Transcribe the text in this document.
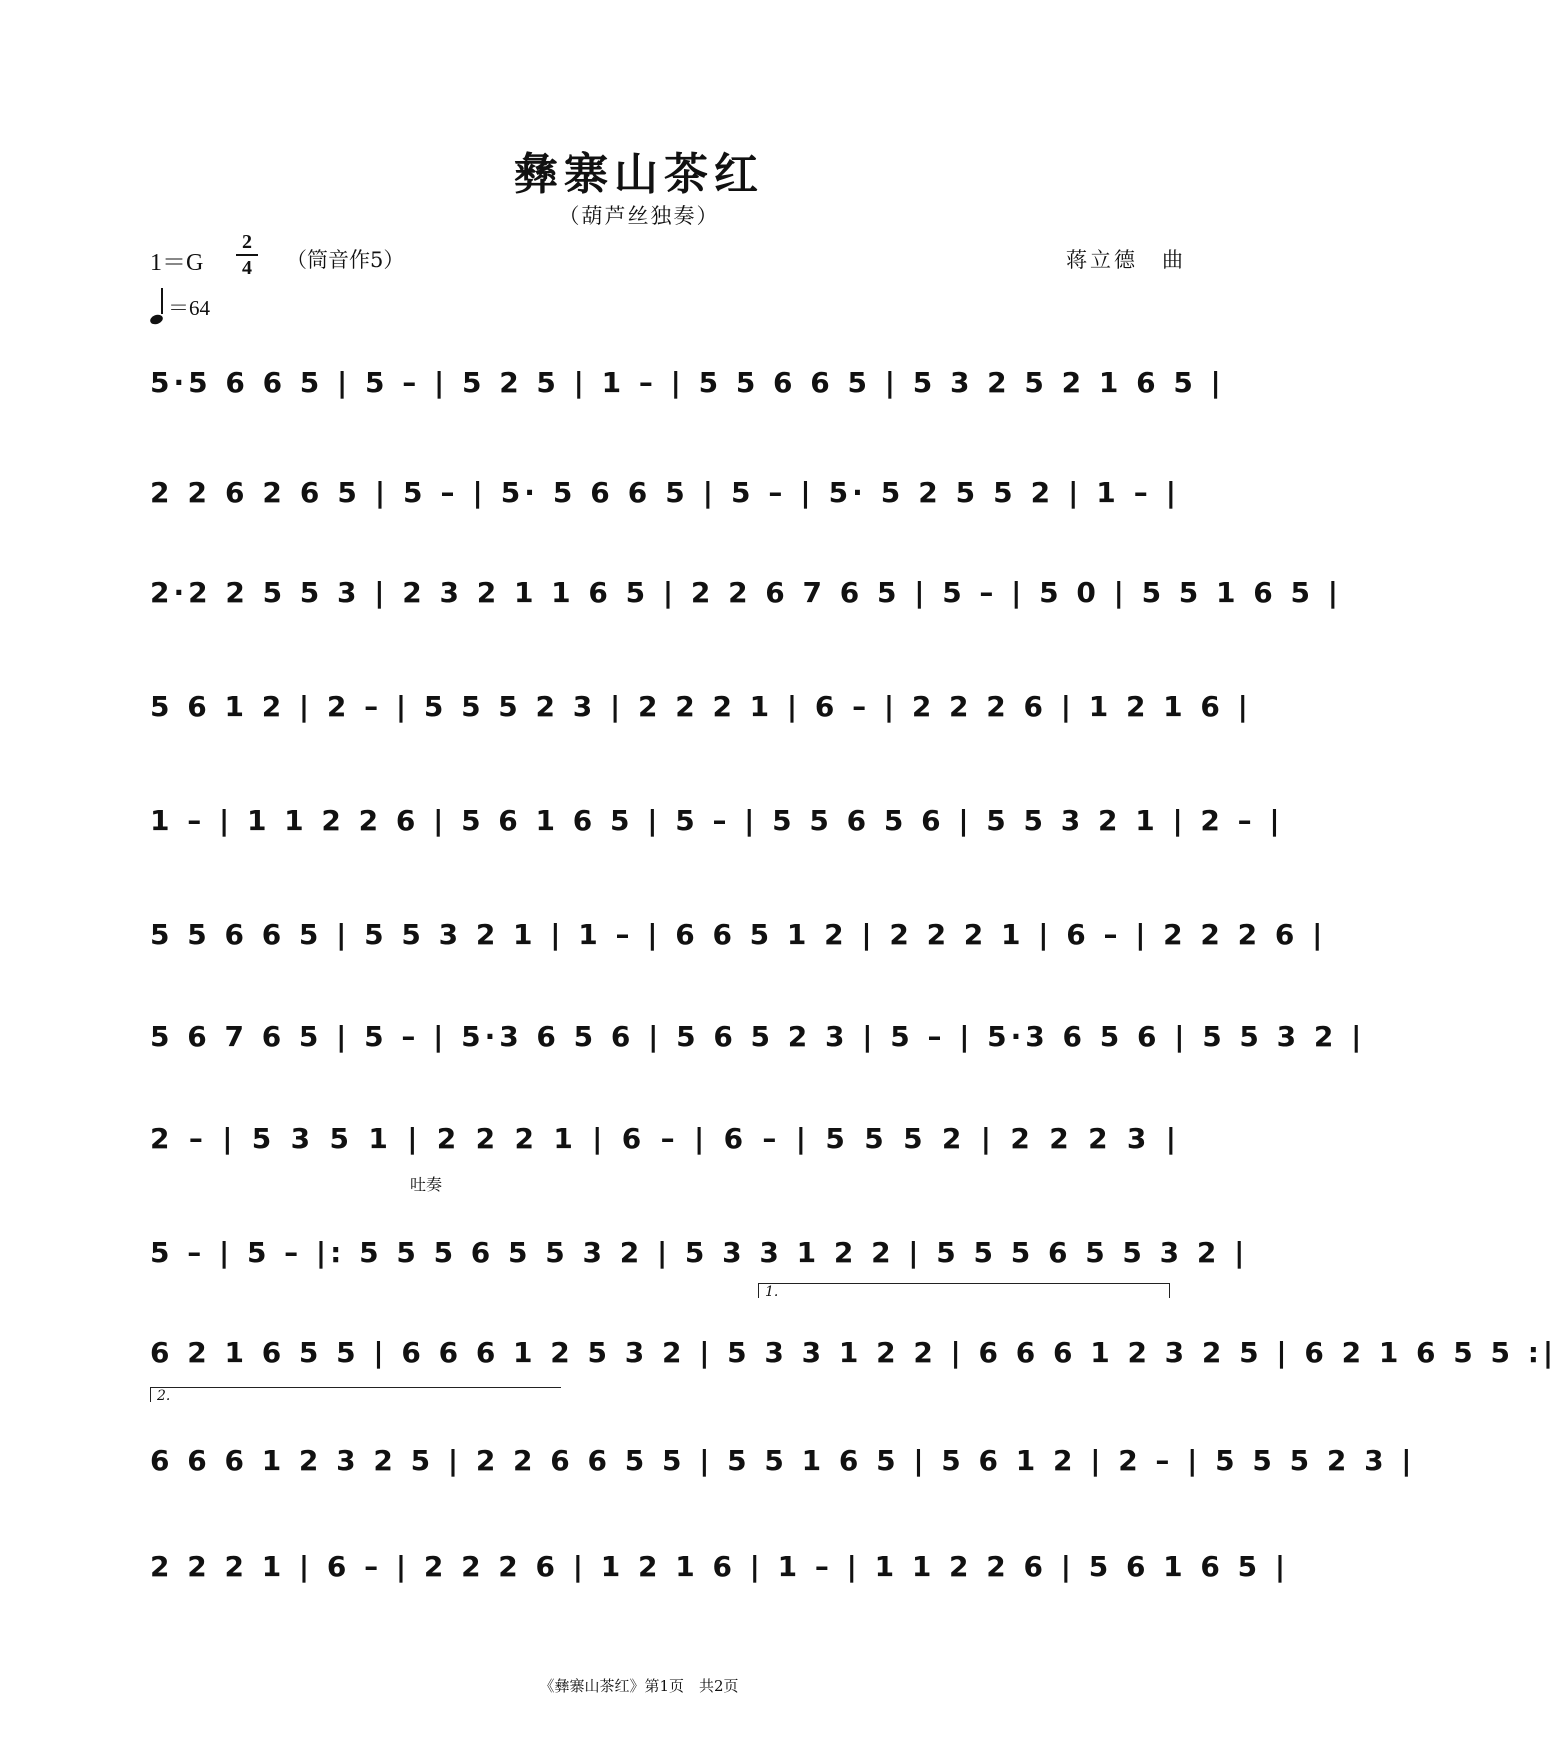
彝寨山茶红
（葫芦丝独奏）
1＝G
2
4 （筒音作5）	蒋立德　曲
＝64
5·5 6 6 5 | 5 – | 5 2 5 | 1 – | 5 5 6 6 5 | 5 3 2 5 2 1 6 5 |
2 2 6 2 6 5 | 5 – | 5· 5 6 6 5 | 5 – | 5· 5 2 5 5 2 | 1 – |
2·2 2 5 5 3 | 2 3 2 1 1 6 5 | 2 2 6 7 6 5 | 5 – | 5 0 | 5 5 1 6 5 |
5 6 1 2 | 2 – | 5 5 5 2 3 | 2 2 2 1 | 6 – | 2 2 2 6 | 1 2 1 6 |
1 – | 1 1 2 2 6 | 5 6 1 6 5 | 5 – | 5 5 6 5 6 | 5 5 3 2 1 | 2 – |
5 5 6 6 5 | 5 5 3 2 1 | 1 – | 6 6 5 1 2 | 2 2 2 1 | 6 – | 2 2 2 6 |
5 6 7 6 5 | 5 – | 5·3 6 5 6 | 5 6 5 2 3 | 5 – | 5·3 6 5 6 | 5 5 3 2 |
2 – | 5 3 5 1 | 2 2 2 1 | 6 – | 6 – | 5 5 5 2 | 2 2 2 3 |
吐奏
5 – | 5 – |: 5 5 5 6 5 5 3 2 | 5 3 3 1 2 2 | 5 5 5 6 5 5 3 2 |
1.
6 2 1 6 5 5 | 6 6 6 1 2 5 3 2 | 5 3 3 1 2 2 | 6 6 6 1 2 3 2 5 | 6 2 1 6 5 5 :|
2.
6 6 6 1 2 3 2 5 | 2 2 6 6 5 5 | 5 5 1 6 5 | 5 6 1 2 | 2 – | 5 5 5 2 3 |
2 2 2 1 | 6 – | 2 2 2 6 | 1 2 1 6 | 1 – | 1 1 2 2 6 | 5 6 1 6 5 |
《彝寨山茶红》第1页　共2页
